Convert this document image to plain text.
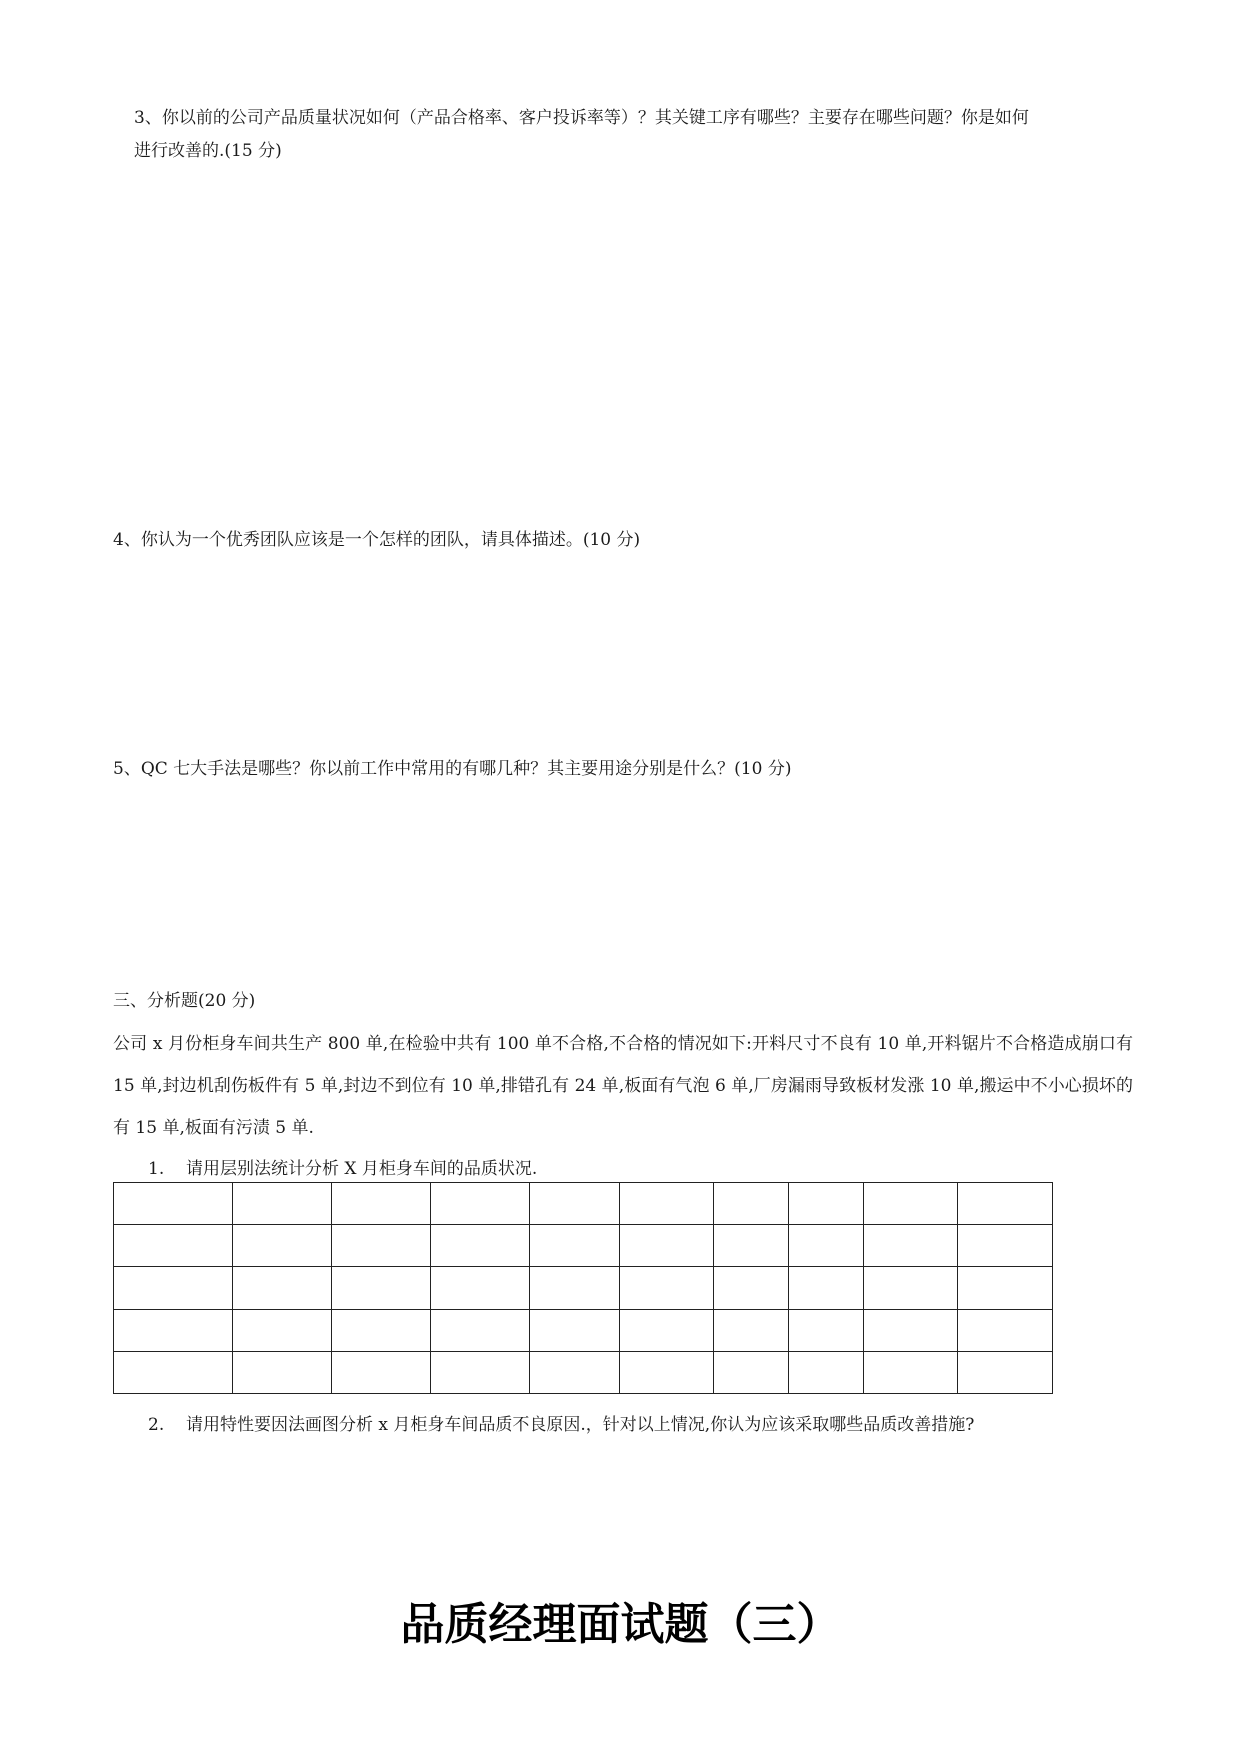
3、你以前的公司产品质量状况如何（产品合格率、客户投诉率等）？其关键工序有哪些？主要存在哪些问题？你是如何
进行改善的.(15 分)

4、你认为一个优秀团队应该是一个怎样的团队，请具体描述。(10 分)

5、QC 七大手法是哪些？你以前工作中常用的有哪几种？其主要用途分别是什么？(10 分)

三、分析题(20 分)

公司 x 月份柜身车间共生产 800 单,在检验中共有 100 单不合格,不合格的情况如下:开料尺寸不良有 10 单,开料锯片不合格造成崩口有 15 单,封边机刮伤板件有 5 单,封边不到位有 10 单,排错孔有 24 单,板面有气泡 6 单,厂房漏雨导致板材发涨 10 单,搬运中不小心损坏的有 15 单,板面有污渍 5 单.

1. 请用层别法统计分析 X 月柜身车间的品质状况.

2. 请用特性要因法画图分析 x 月柜身车间品质不良原因.，针对以上情况,你认为应该采取哪些品质改善措施?
品质经理面试题（三）
